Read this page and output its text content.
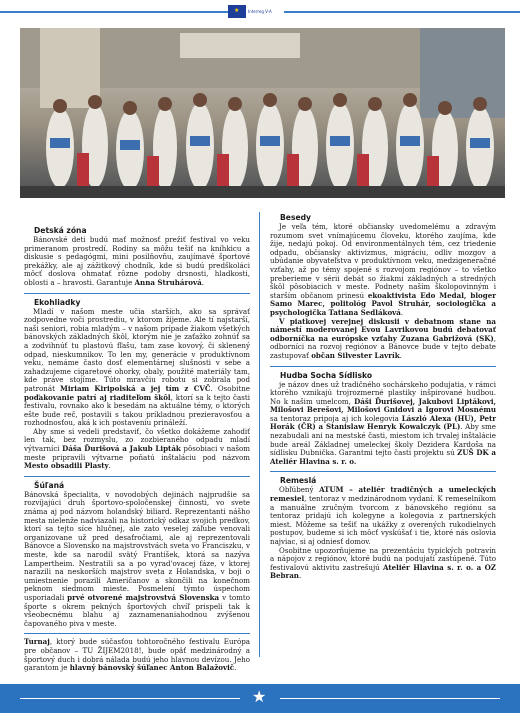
★
Interreg V-A
Detská zóna

Bánovské deti budú mať možnosť prežiť festival vo veku primeranom prostredí. Rodiny sa môžu tešiť na kníhkicu a diskusie s pedagógmi, mini posilňovňu, zaujímavé športové prekážky, ale aj zážitkový chodník, kde si budú predškoláci môcť doslova ohmatať rôzne podoby drsnosti, hladkosti, oblosti a – hravosti. Garantuje Anna Struhárová.

Ekohliadky

Mladí v našom meste učia starších, ako sa správať zodpovedne voči prostrediu, v ktorom žijeme. Ale tí najstarší, naši seniori, robia mladým – v našom prípade žiakom všetkých bánovských základných škôl, ktorým nie je zaťažko zohnúť sa a zodvihnúť tu plastovú fľašu, tam zase kovový, či sklenený odpad, nieskumnikov. To len my, generácie v produktívnom veku, nemáme často dosť elementárnej slušnosti v sebe a zahadzujeme cigaretové ohorky, obaly, použité materiály tam, kde práve stojíme. Túto mravčiu robotu si zobrala pod patronát Miriam Kiripolská a jej tím z CVČ. Osobitne poďakovanie patrí aj riaditeľom škôl, ktorí sa k tejto časti festivalu, rovnako ako k besedám na aktuálne témy, o ktorých ešte bude reč, postavili s takou príkladnou prezieravosťou a rozhodnosťou, aká k ich postaveniu prináleží.

Aby sme si vedeli predstaviť, čo všetko dokážeme zahodiť len tak, bez rozmyslu, zo zozbieraného odpadu mladí výtvarníci Dáša Ďurišová a Jakub Lipták pôsobiaci v našom meste pripravili výtvarne poňatú inštaláciu pod názvom Mesto obsadili Plasty.

Šúľaná

Bánovská špecialita, v novodobých dejinách najprudšie sa rozvíjajúci druh športovo-spoločenskej činnosti, vo svete známa aj pod názvom holandský biliard. Reprezentanti nášho mesta nielenže nadviazali na historický odkaz svojich predkov, ktorí sa tejto síce hlučnej, ale zato veselej záľube venovali organizovane už pred desaťročiami, ale aj reprezentovali Bánovce a Slovensko na majstrovstvách sveta vo Franciszku, v meste, kde sa narodil svätý František, ktorá sa nazýva Lampertheim. Nestratili sa a po vyrad'ovacej fáze, v ktorej narazili na neskorších majstrov sveta z Holandska, v boji o umiestnenie porazili Američanov a skončili na konečnom peknom siedmom mieste. Posmelení týmto úspechom usporiadali prvé otvorené majstrovstvá Slovenska v tomto športe s okrem pekných športových chvíľ prispeli tak k všeobecnému blahu aj zaznamenaniahodnou zvýšenou čapovaného piva v meste.

Turnaj, ktorý bude súčasťou tohtoročného festivalu Európa pre občanov – TU ŽIJEM2018!, bude opäť medzinárodný a športový duch i dobrá nálada budú jeho hlavnou devízou. Jeho garantom je hlavný bánovský šúľanec Anton Balažovič.

Besedy

Je veľa tém, ktoré občiansky uvedomelému a zdravým rozumom svet vnímajúcemu človeku, ktorého zaujíma, kde žije, nedajú pokoj. Od environmentálnych tém, cez triedenie odpadu, občiansky aktivizmus, migráciu, odliv mozgov a ubúdanie obyvateľstva v produktívnom veku, medzigeneračné vzťahy, až po témy spojené s rozvojom regiónov – to všetko preberieme v sérii debát so žiakmi základných a stredných škôl pôsobiacich v meste. Podnety naším školopovinným i starším občanom prinesú ekoaktivista Edo Medal, bloger Samo Marec, politológ Pavol Struhár, sociologička a psychologička Tatiana Sedláková.

V piatkovej verejnej diskusii v debatnom stane na námestí moderovanej Evou Lavrikovou budú debatovať odborníčka na európske vzťahy Zuzana Gabrižová (SK), odborníci na rozvoj regiónov a Bánovce bude v tejto debate zastupovať občan Silvester Lavrík.

Hudba Socha Sídlisko

je názov dnes už tradičného sochárskeho podujatia, v rámci ktorého vznikajú trojrozmerné plastiky inšpirované hudbou. No k našim umelcom, Dáši Ďurišovej, Jakubovi Liptákovi, Milošovi Berešovi, Milošovi Gnidovi a Igorovi Mosnému sa tentoraz pripoja aj ich kolegovia László Alexa (HU), Petr Horák (ČR) a Stanislaw Henryk Kowalczyk (PL). Aby sme nezabudali ani na mestské časti, miestom ich trvalej inštalácie bude areál Základnej umeleckej školy Dezidera Kardoša na sídlisku Dubnička. Garantmi tejto časti projektu sú ZUŠ DK a Ateliér Hlavina s. r. o.

Remeslá

Obľúbený ATUM – ateliér tradičných a umeleckých remesiel, tentoraz v medzinárodnom vydaní. K remeselníkom a manuálne zručným tvorcom z bánovského regiónu sa tentoraz pridajú ich kolegyne a kolegovia z partnerských miest. Môžeme sa tešiť na ukážky z overených rukodielnych postupov, budeme si ich môcť vyskúšať i tie, ktoré nás oslovia najviac, si aj odniesť domov.

Osobitne upozorňujeme na prezentáciu typických potravín a nápojov z regiónov, ktoré budú na podujatí zastúpené. Túto festivalovú aktivitu zastrešujú Ateliér Hlavina s. r. o. a OZ Bebran.

★
